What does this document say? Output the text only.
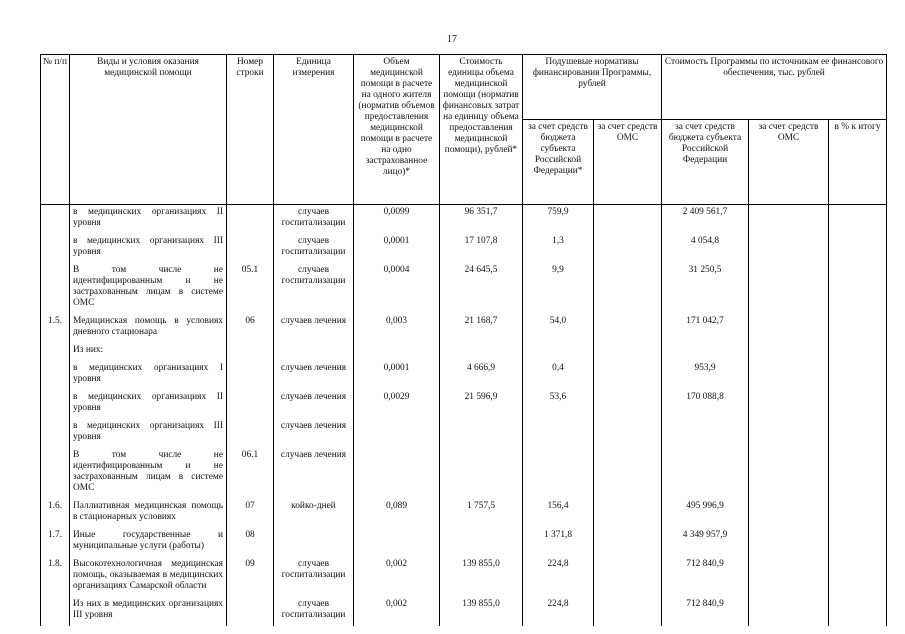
17
№ п/п	Виды и условия оказания медицинской помощи	Номер строки	Единица измерения	Объем медицинской помощи в расчете на одного жителя (норматив объемов предоставления медицинской помощи в расчете на одно застрахованное лицо)*	Стоимость единицы объема медицинской помощи (норматив финансовых затрат на единицу объема предоставления медицинской помощи), рублей*	Подушевые нормативы финансирования Программы, рублей		Стоимость Программы по источникам ее финансового обеспечения, тыс. рублей		
						за счет средств бюджета субъекта Российской Федерации*	за счет средств ОМС	за счет средств бюджета субъекта Российской Федерации	за счет средств ОМС	в % к итогу
	в медицинских организациях II уровня		случаев госпитализации	0,0099	96 351,7	759,9		2 409 561,7		
	в медицинских организациях III уровня		случаев госпитализации	0,0001	17 107,8	1,3		4 054,8		
	В том числе не идентифицированным и не застрахованным лицам в системе ОМС	05.1	случаев госпитализации	0,0004	24 645,5	9,9		31 250,5		
1.5.	Медицинская помощь в условиях дневного стационара	06	случаев лечения	0,003	21 168,7	54,0		171 042,7		
	Из них:									
	в медицинских организациях I уровня		случаев лечения	0,0001	4 666,9	0,4		953,9		
	в медицинских организациях II уровня		случаев лечения	0,0029	21 596,9	53,6		170 088,8		
	в медицинских организациях III уровня		случаев лечения							
	В том числе не идентифицированным и не застрахованным лицам в системе ОМС	06.1	случаев лечения							
1.6.	Паллиативная медицинская помощь в стационарных условиях	07	койко-дней	0,089	1 757,5	156,4		495 996,9		
1.7.	Иные государственные и муниципальные услуги (работы)	08				1 371,8		4 349 957,9		
1.8.	Высокотехнологичная медицинская помощь, оказываемая в медицинских организациях Самарской области	09	случаев госпитализации	0,002	139 855,0	224,8		712 840,9		
	Из них в медицинских организациях III уровня		случаев госпитализации	0,002	139 855,0	224,8		712 840,9		
